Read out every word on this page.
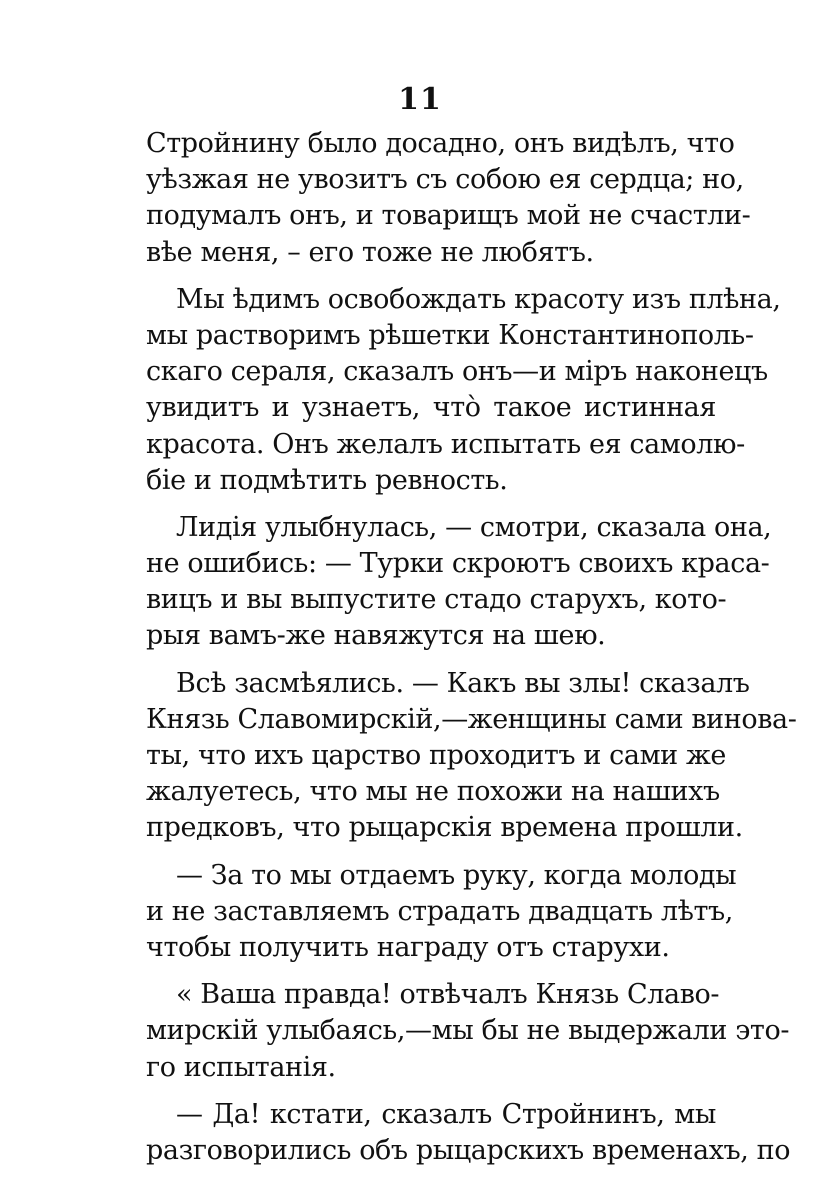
11
Стройнину было досадно, онъ видѣлъ, что
уѣзжая не увозитъ съ собою ея сердца; но,
подумалъ онъ, и товарищъ мой не счастли-
вѣе меня, – его тоже не любятъ.
Мы ѣдимъ освобождать красоту изъ плѣна,
мы растворимъ рѣшетки Константинополь-
скаго сераля, сказалъ онъ—и міръ наконецъ
увидитъ и узнаетъ, что̀ такое истинная
красота. Онъ желалъ испытать ея самолю-
біе и подмѣтить ревность.
Лидія улыбнулась, — смотри, сказала она,
не ошибись: — Турки скроютъ своихъ краса-
вицъ и вы выпустите стадо старухъ, кото-
рыя вамъ-же навяжутся на шею.
Всѣ засмѣялись. — Какъ вы злы! сказалъ
Князь Славомирскій,—женщины сами винова-
ты, что ихъ царство проходитъ и сами же
жалуетесь, что мы не похожи на нашихъ
предковъ, что рыцарскія времена прошли.
— За то мы отдаемъ руку, когда молоды
и не заставляемъ страдать двадцать лѣтъ,
чтобы получить награду отъ старухи.
« Ваша правда! отвѣчалъ Князь Славо-
мирскій улыбаясь,—мы бы не выдержали это-
го испытанія.
— Да! кстати, сказалъ Стройнинъ, мы
разговорились объ рыцарскихъ временахъ, по
